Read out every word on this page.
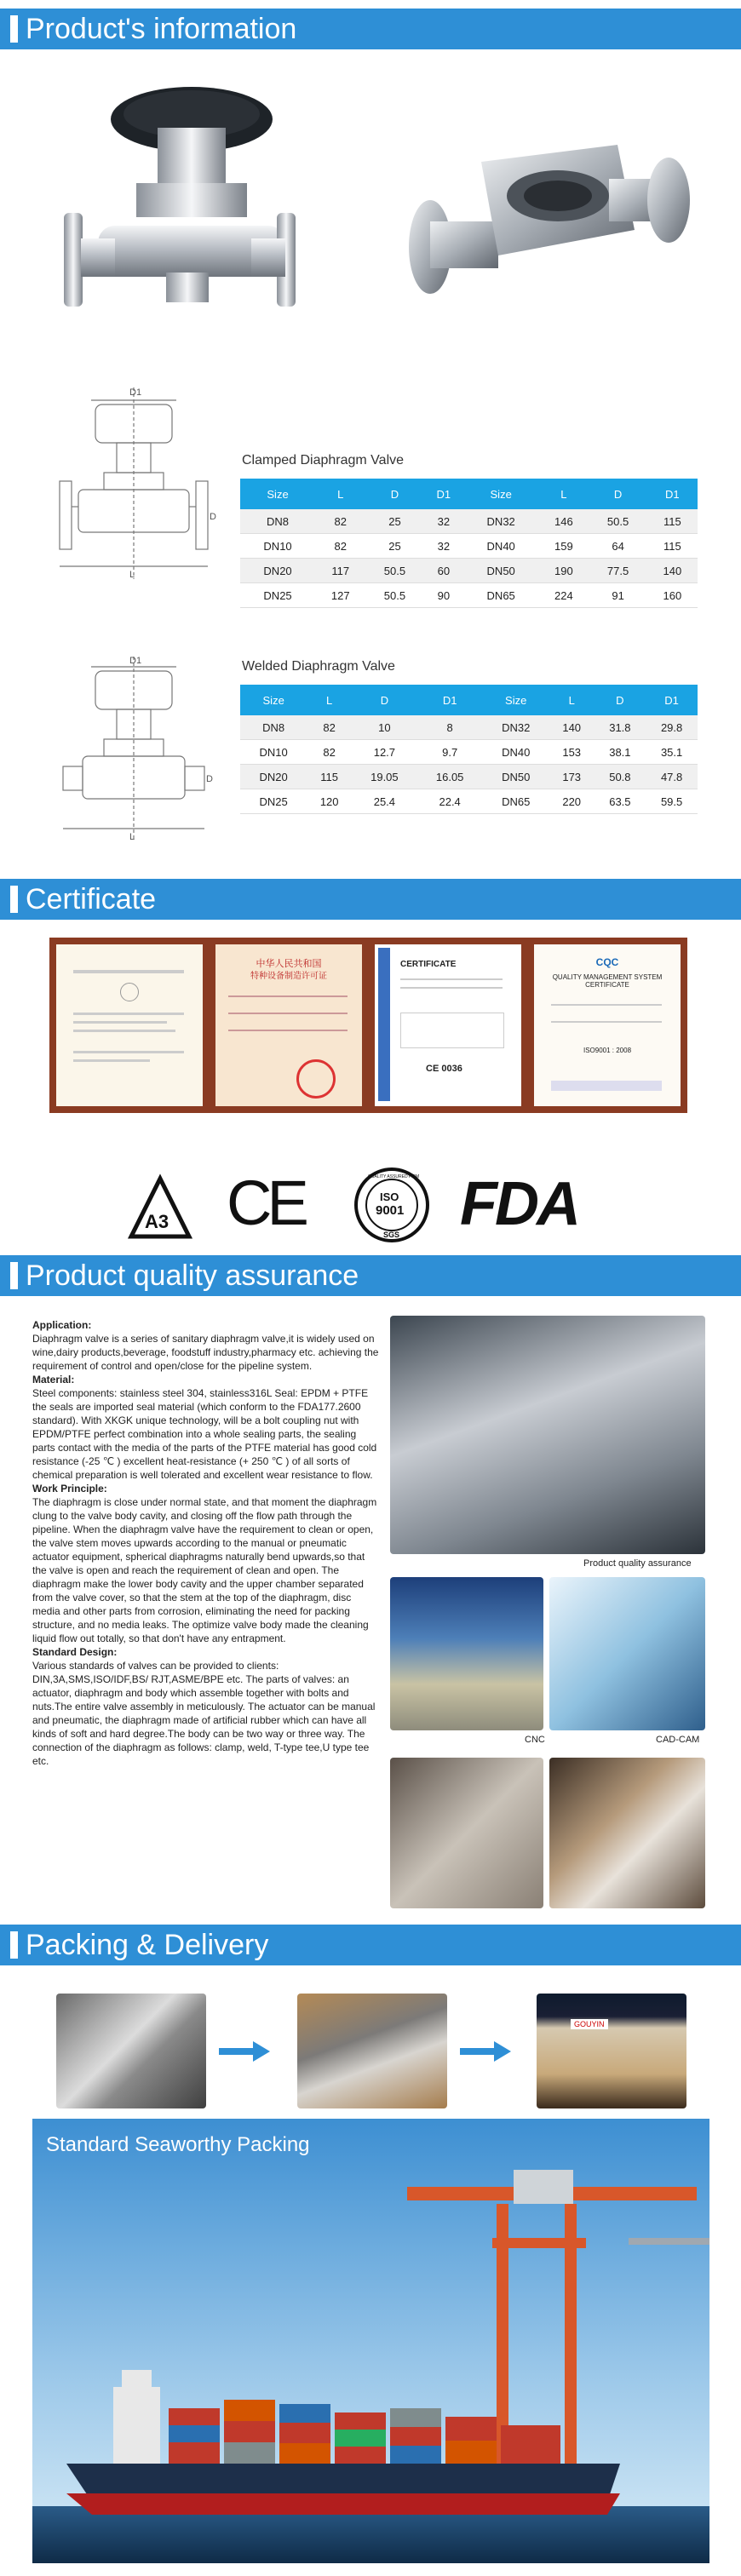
Product's information
D1
D
L
Clamped Diaphragm Valve
Size	L	D	D1	Size	L	D	D1
DN8	82	25	32	DN32	146	50.5	115
DN10	82	25	32	DN40	159	64	115
DN20	117	50.5	60	DN50	190	77.5	140
DN25	127	50.5	90	DN65	224	91	160
D1
D
L
Welded Diaphragm Valve
Size	L	D	D1	Size	L	D	D1
DN8	82	10	8	DN32	140	31.8	29.8
DN10	82	12.7	9.7	DN40	153	38.1	35.1
DN20	115	19.05	16.05	DN50	173	50.8	47.8
DN25	120	25.4	22.4	DN65	220	63.5	59.5
Certificate
中华人民共和国
特种设备制造许可证
CERTIFICATE
CE 0036
CQC
QUALITY MANAGEMENT SYSTEM CERTIFICATE
ISO9001 : 2008
A3 CE	QUALITY ASSURED FIRM
ISO
9001
SGS FDA
Product quality assurance

Application:

Diaphragm valve is a series of sanitary diaphragm valve,it is widely used on wine,dairy products,beverage, foodstuff industry,pharmacy etc. achieving the requirement of control and open/close for the pipeline system.

Material:

Steel components: stainless steel 304, stainless316L Seal: EPDM + PTFE the seals are imported seal material (which conform to the FDA177.2600 standard). With XKGK unique technology, will be a bolt coupling nut with EPDM/PTFE perfect combination into a whole sealing parts, the sealing parts contact with the media of the parts of the PTFE material has good cold resistance (-25 ℃ ) excellent heat-resistance (+ 250 ℃ ) of all sorts of chemical preparation is well tolerated and excellent wear resistance to flow.

Work Principle:

The diaphragm is close under normal state, and that moment the diaphragm clung to the valve body cavity, and closing off the flow path through the pipeline. When the diaphragm valve have the requirement to clean or open, the valve stem moves upwards according to the manual or pneumatic actuator equipment, spherical diaphragms naturally bend upwards,so that the valve is open and reach the requirement of clean and open. The diaphragm make the lower body cavity and the upper chamber separated from the valve cover, so that the stem at the top of the diaphragm, disc media and other parts from corrosion, eliminating the need for packing structure, and no media leaks. The optimize valve body made the cleaning liquid flow out totally, so that don't have any entrapment.

Standard Design:

Various standards of valves can be provided to clients: DIN,3A,SMS,ISO/IDF,BS/ RJT,ASME/BPE etc. The parts of valves: an actuator, diaphragm and body which assemble together with bolts and nuts.The entire valve assembly in meticulously. The actuator can be manual and pneumatic, the diaphragm made of artificial rubber which can have all kinds of soft and hard degree.The body can be two way or three way. The connection of the diaphragm as follows: clamp, weld, T-type tee,U type tee etc.

Product quality assurance
CNC	CAD-CAM
Packing & Delivery
GOUYIN
Standard Seaworthy Packing
